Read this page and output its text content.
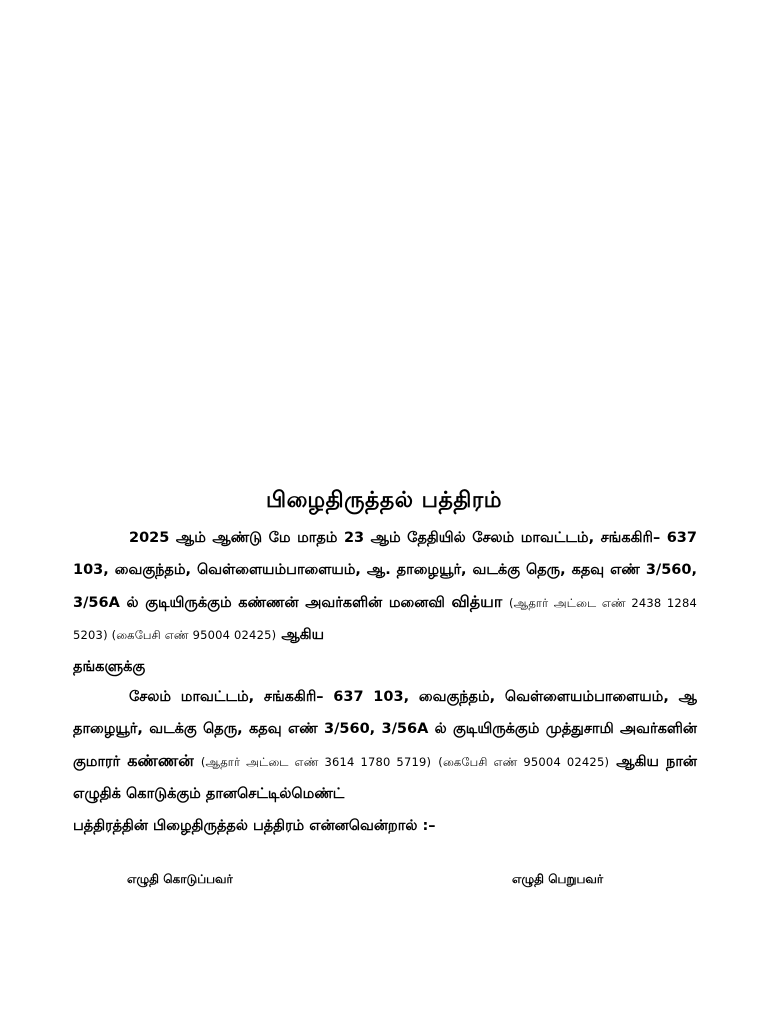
பிழைதிருத்தல் பத்திரம்
2025 ஆம் ஆண்டு மே மாதம் 23 ஆம் தேதியில் சேலம் மாவட்டம், சங்ககிரி– 637 103, வைகுந்தம், வெள்ளையம்பாளையம், ஆ. தாழையூர், வடக்கு தெரு, கதவு எண் 3/560, 3/56A ல் குடியிருக்கும் கண்ணன் அவர்களின் மனைவி வித்யா (ஆதார் அட்டை எண் 2438 1284 5203) (கைபேசி எண் 95004 02425) ஆகிய
தங்களுக்கு
சேலம் மாவட்டம், சங்ககிரி– 637 103, வைகுந்தம், வெள்ளையம்பாளையம், ஆ தாழையூர், வடக்கு தெரு, கதவு எண் 3/560, 3/56A ல் குடியிருக்கும் முத்துசாமி அவர்களின் குமாரர் கண்ணன் (ஆதார் அட்டை எண் 3614 1780 5719) (கைபேசி எண் 95004 02425) ஆகிய நான் எழுதிக் கொடுக்கும் தானசெட்டில்மெண்ட்
பத்திரத்தின் பிழைதிருத்தல் பத்திரம் என்னவென்றால் :–
எழுதி கொடுப்பவர்	எழுதி பெறுபவர்
